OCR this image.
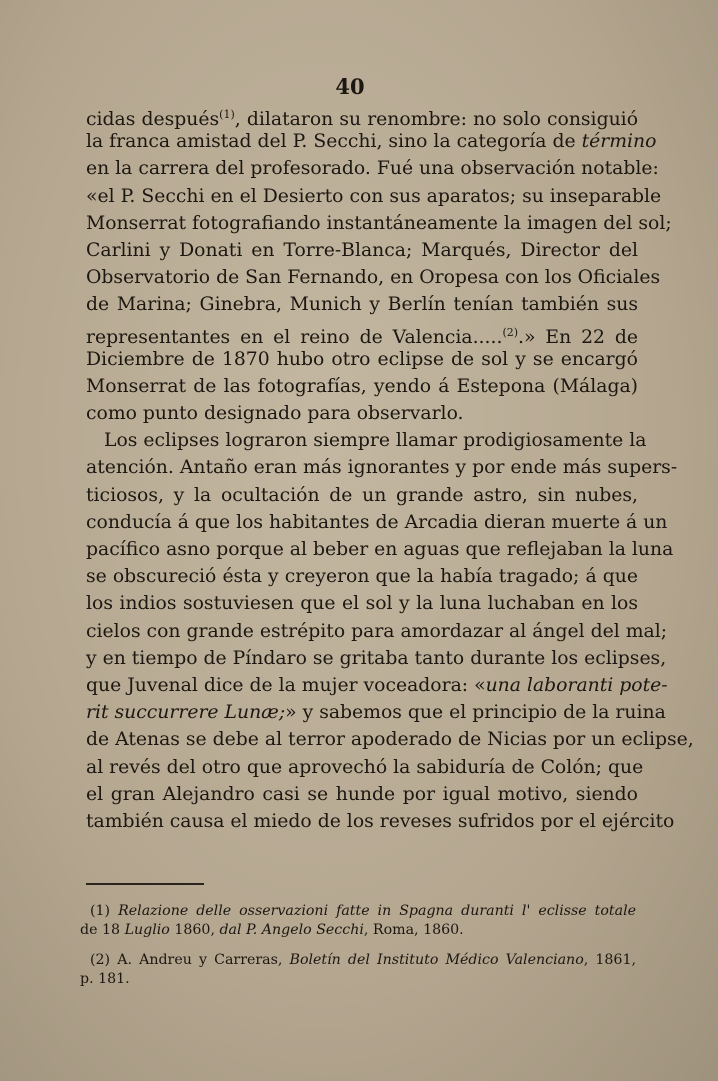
40
cidas después$^{(1)}$, dilataron su renombre: no solo consiguió
la franca amistad del P. Secchi, sino la categoría de término
en la carrera del profesorado. Fué una observación notable:
«el P. Secchi en el Desierto con sus aparatos; su inseparable
Monserrat fotografiando instantáneamente la imagen del sol;
Carlini y Donati en Torre-Blanca; Marqués, Director del
Observatorio de San Fernando, en Oropesa con los Oficiales
de Marina; Ginebra, Munich y Berlín tenían también sus
representantes en el reino de Valencia.....$^{(2)}$.» En 22 de
Diciembre de 1870 hubo otro eclipse de sol y se encargó
Monserrat de las fotografías, yendo á Estepona (Málaga)
como punto designado para observarlo.
Los eclipses lograron siempre llamar prodigiosamente la
atención. Antaño eran más ignorantes y por ende más supers-
ticiosos, y la ocultación de un grande astro, sin nubes,
conducía á que los habitantes de Arcadia dieran muerte á un
pacífico asno porque al beber en aguas que reflejaban la luna
se obscureció ésta y creyeron que la había tragado; á que
los indios sostuviesen que el sol y la luna luchaban en los
cielos con grande estrépito para amordazar al ángel del mal;
y en tiempo de Píndaro se gritaba tanto durante los eclipses,
que Juvenal dice de la mujer voceadora: «una laboranti pote-
rit succurrere Lunæ;» y sabemos que el principio de la ruina
de Atenas se debe al terror apoderado de Nicias por un eclipse,
al revés del otro que aprovechó la sabiduría de Colón; que
el gran Alejandro casi se hunde por igual motivo, siendo
también causa el miedo de los reveses sufridos por el ejército
(1) Relazione delle osservazioni fatte in Spagna duranti l' eclisse totale
de 18 Luglio 1860, dal P. Angelo Secchi, Roma, 1860.
(2) A. Andreu y Carreras, Boletín del Instituto Médico Valenciano, 1861,
p. 181.
